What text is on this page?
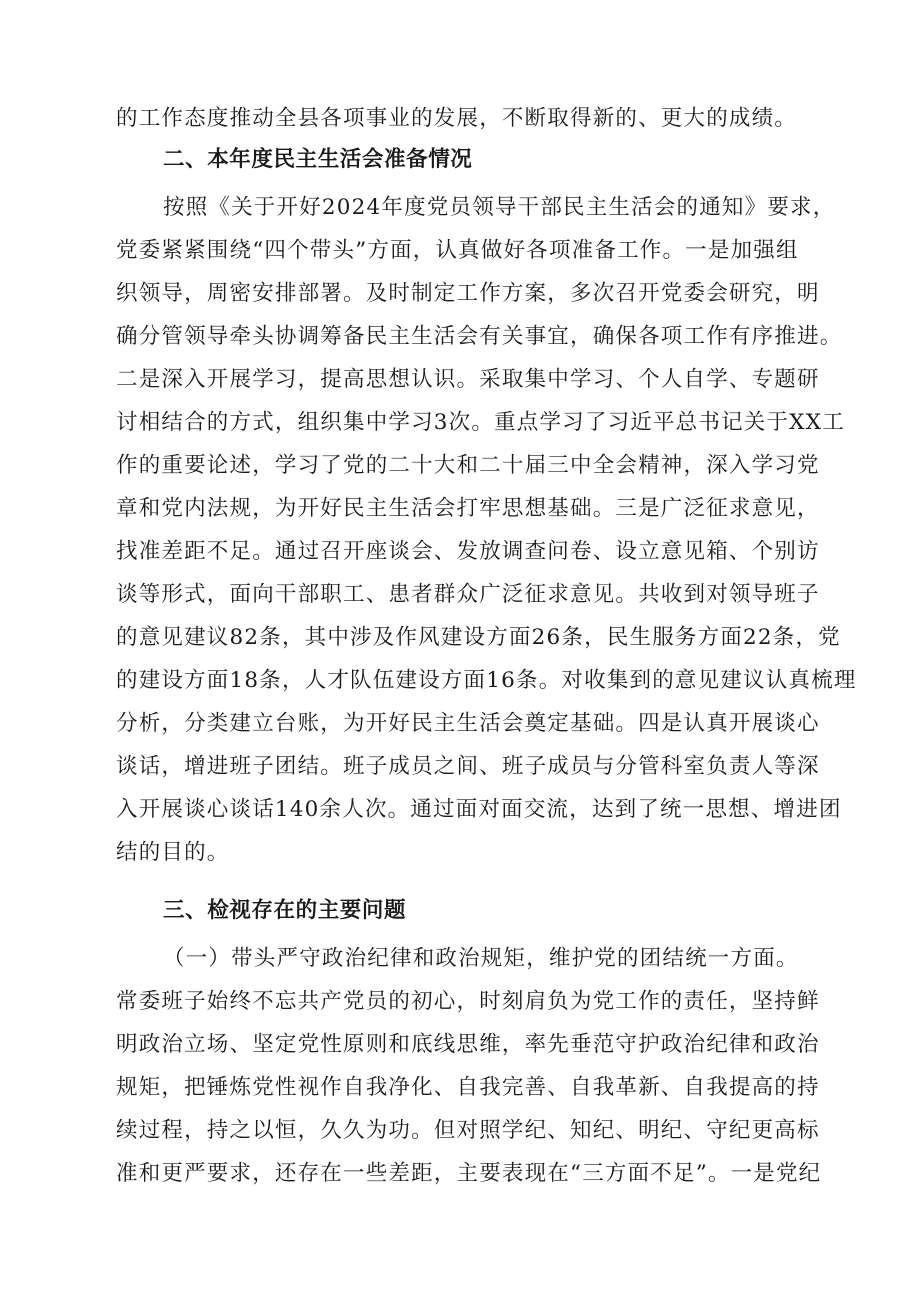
的工作态度推动全县各项事业的发展，不断取得新的、更大的成绩。
二、本年度民主生活会准备情况
按照《关于开好2024年度党员领导干部民主生活会的通知》要求，
党委紧紧围绕“四个带头”方面，认真做好各项准备工作。一是加强组
织领导，周密安排部署。及时制定工作方案，多次召开党委会研究，明
确分管领导牵头协调筹备民主生活会有关事宜，确保各项工作有序推进。
二是深入开展学习，提高思想认识。采取集中学习、个人自学、专题研
讨相结合的方式，组织集中学习3次。重点学习了习近平总书记关于XX工
作的重要论述，学习了党的二十大和二十届三中全会精神，深入学习党
章和党内法规，为开好民主生活会打牢思想基础。三是广泛征求意见，
找准差距不足。通过召开座谈会、发放调查问卷、设立意见箱、个别访
谈等形式，面向干部职工、患者群众广泛征求意见。共收到对领导班子
的意见建议82条，其中涉及作风建设方面26条，民生服务方面22条，党
的建设方面18条，人才队伍建设方面16条。对收集到的意见建议认真梳理
分析，分类建立台账，为开好民主生活会奠定基础。四是认真开展谈心
谈话，增进班子团结。班子成员之间、班子成员与分管科室负责人等深
入开展谈心谈话140余人次。通过面对面交流，达到了统一思想、增进团
结的目的。
三、检视存在的主要问题
（一）带头严守政治纪律和政治规矩，维护党的团结统一方面。
常委班子始终不忘共产党员的初心，时刻肩负为党工作的责任，坚持鲜
明政治立场、坚定党性原则和底线思维，率先垂范守护政治纪律和政治
规矩，把锤炼党性视作自我净化、自我完善、自我革新、自我提高的持
续过程，持之以恒，久久为功。但对照学纪、知纪、明纪、守纪更高标
准和更严要求，还存在一些差距，主要表现在“三方面不足”。一是党纪
